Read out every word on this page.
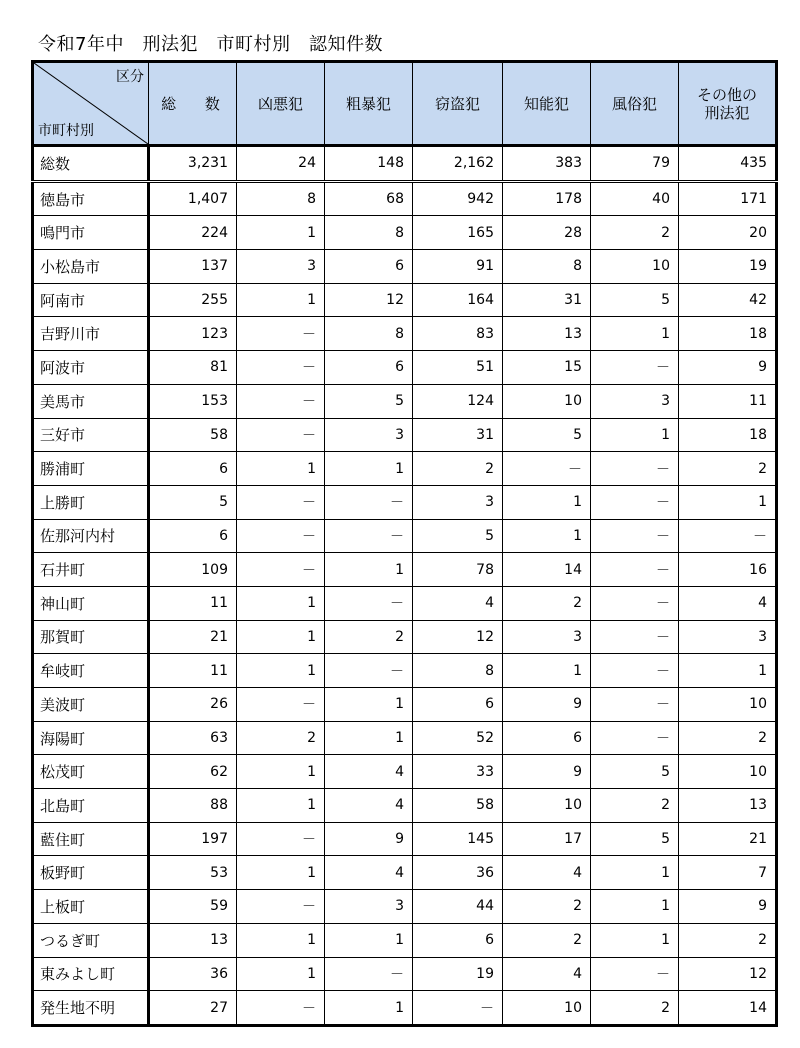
令和7年中　刑法犯　市町村別　認知件数
区分
市町村別	総 数	凶悪犯	粗暴犯	窃盗犯	知能犯	風俗犯	その他の
刑法犯
総数	3,231	24	148	2,162	383	79	435
徳島市	1,407	8	68	942	178	40	171
鳴門市	224	1	8	165	28	2	20
小松島市	137	3	6	91	8	10	19
阿南市	255	1	12	164	31	5	42
吉野川市	123	－	8	83	13	1	18
阿波市	81	－	6	51	15	－	9
美馬市	153	－	5	124	10	3	11
三好市	58	－	3	31	5	1	18
勝浦町	6	1	1	2	－	－	2
上勝町	5	－	－	3	1	－	1
佐那河内村	6	－	－	5	1	－	－
石井町	109	－	1	78	14	－	16
神山町	11	1	－	4	2	－	4
那賀町	21	1	2	12	3	－	3
牟岐町	11	1	－	8	1	－	1
美波町	26	－	1	6	9	－	10
海陽町	63	2	1	52	6	－	2
松茂町	62	1	4	33	9	5	10
北島町	88	1	4	58	10	2	13
藍住町	197	－	9	145	17	5	21
板野町	53	1	4	36	4	1	7
上板町	59	－	3	44	2	1	9
つるぎ町	13	1	1	6	2	1	2
東みよし町	36	1	－	19	4	－	12
発生地不明	27	－	1	－	10	2	14
